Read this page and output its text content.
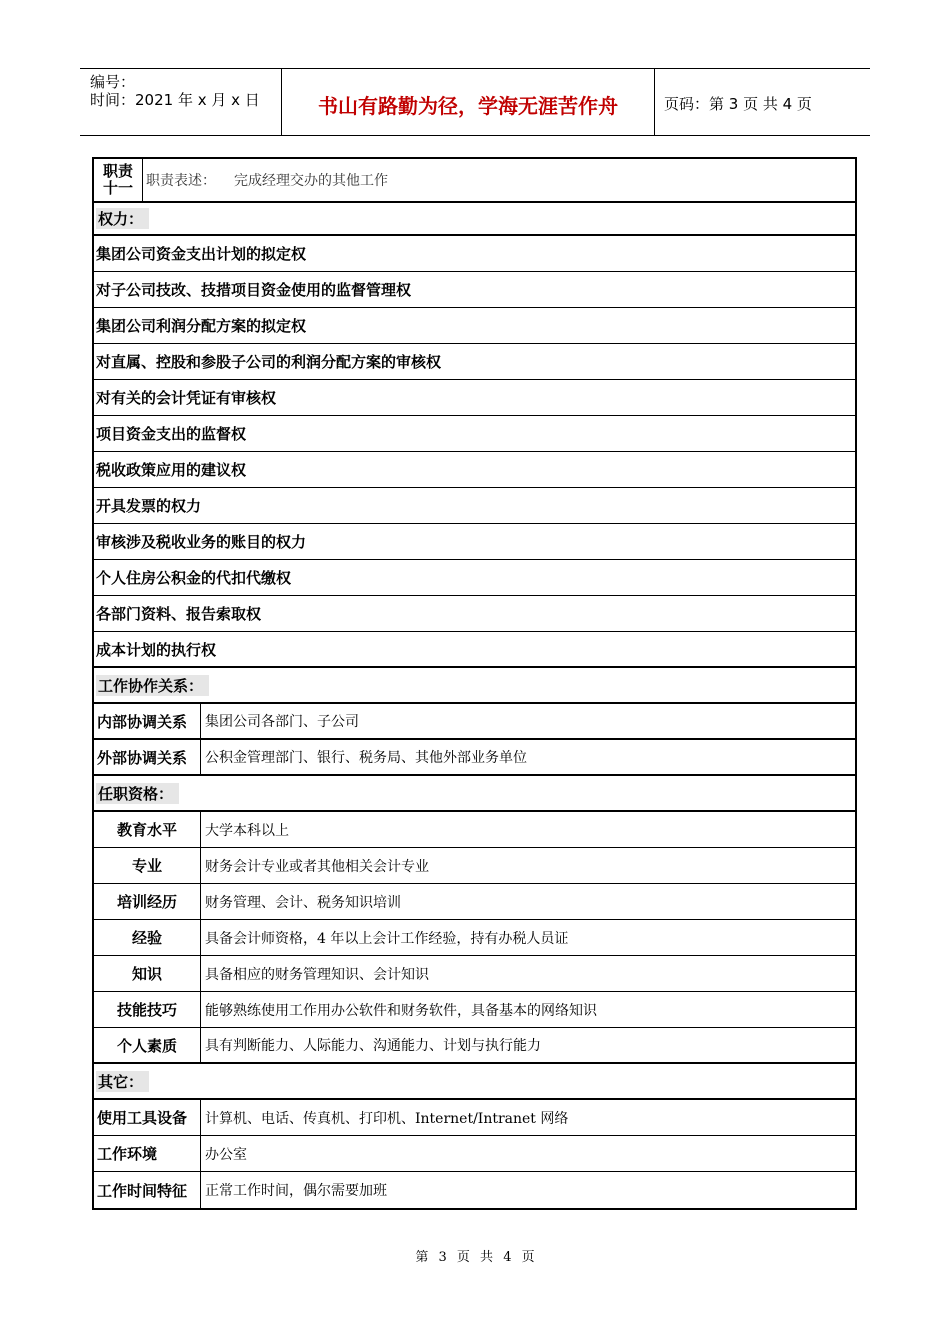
编号：
时间：2021 年 x 月 x 日	书山有路勤为径，学海无涯苦作舟	页码：第 3 页 共 4 页
职责
十一 职责表述： 完成经理交办的其他工作
权力：
集团公司资金支出计划的拟定权
对子公司技改、技措项目资金使用的监督管理权
集团公司利润分配方案的拟定权
对直属、控股和参股子公司的利润分配方案的审核权
对有关的会计凭证有审核权
项目资金支出的监督权
税收政策应用的建议权
开具发票的权力
审核涉及税收业务的账目的权力
个人住房公积金的代扣代缴权
各部门资料、报告索取权
成本计划的执行权
工作协作关系：
内部协调关系 集团公司各部门、子公司
外部协调关系 公积金管理部门、银行、税务局、其他外部业务单位
任职资格：
教育水平	大学本科以上
专业	财务会计专业或者其他相关会计专业
培训经历	财务管理、会计、税务知识培训
经验	具备会计师资格，4 年以上会计工作经验，持有办税人员证
知识	具备相应的财务管理知识、会计知识
技能技巧	能够熟练使用工作用办公软件和财务软件，具备基本的网络知识
个人素质	具有判断能力、人际能力、沟通能力、计划与执行能力
其它：
使用工具设备 计算机、电话、传真机、打印机、Internet/Intranet 网络
工作环境	办公室
工作时间特征 正常工作时间，偶尔需要加班
第 3 页 共 4 页
